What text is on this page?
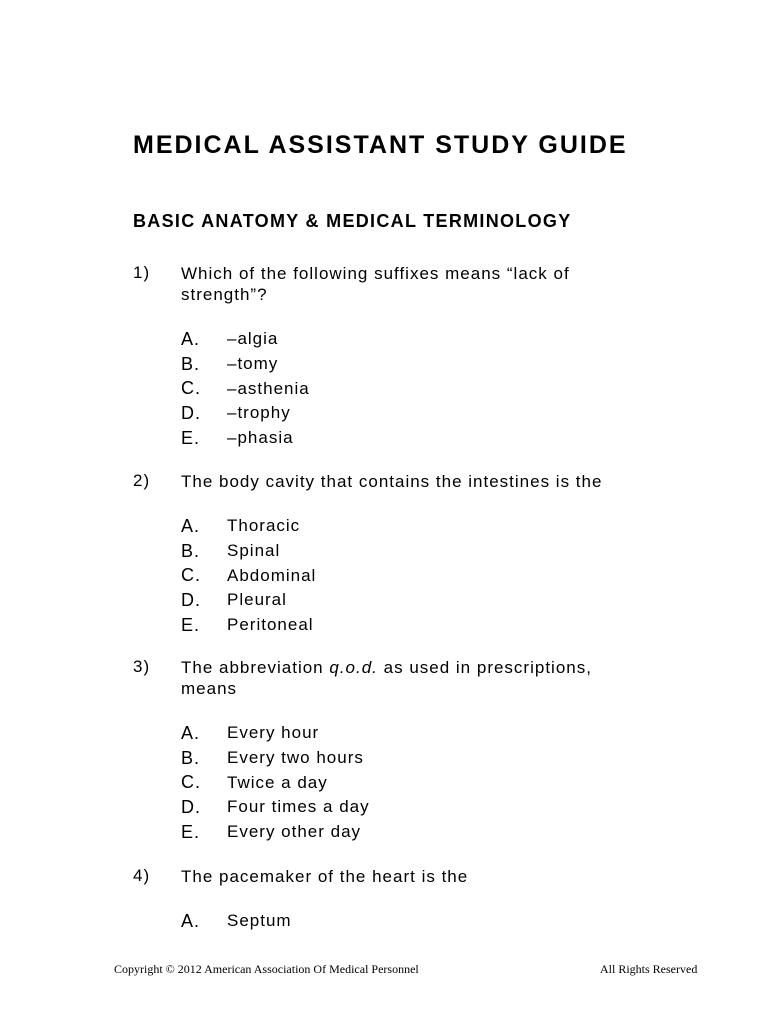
MEDICAL ASSISTANT STUDY GUIDE
BASIC ANATOMY & MEDICAL TERMINOLOGY
1) Which of the following suffixes means “lack of strength”?
A.	–algia
B.	–tomy
C.	–asthenia
D.	–trophy
E.	–phasia
2) The body cavity that contains the intestines is the
A.	Thoracic
B.	Spinal
C.	Abdominal
D.	Pleural
E.	Peritoneal
3) The abbreviation q.o.d. as used in prescriptions, means
A.	Every hour
B.	Every two hours
C.	Twice a day
D.	Four times a day
E.	Every other day
4) The pacemaker of the heart is the
A.	Septum
Copyright © 2012 American Association Of Medical Personnel	All Rights Reserved
